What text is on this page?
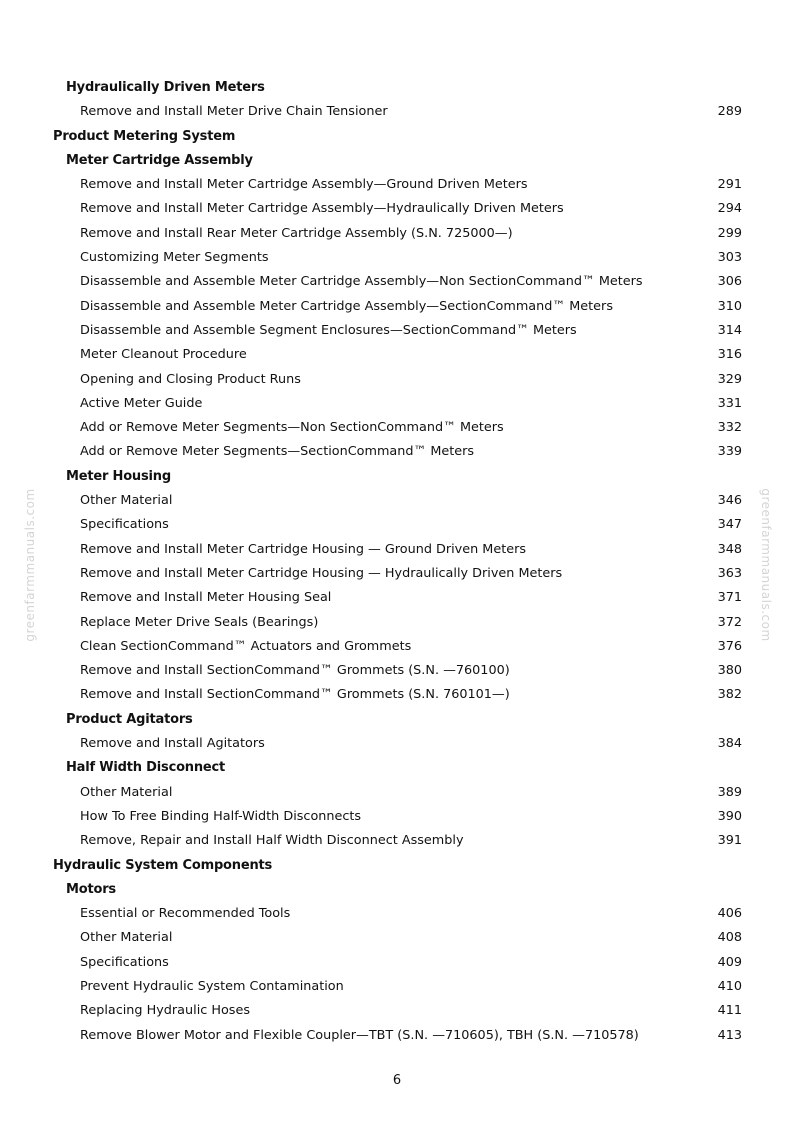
greenfarmmanuals.com	greenfarmmanuals.com
Hydraulically Driven Meters
Remove and Install Meter Drive Chain Tensioner	289
Product Metering System
Meter Cartridge Assembly
Remove and Install Meter Cartridge Assembly—Ground Driven Meters	291
Remove and Install Meter Cartridge Assembly—Hydraulically Driven Meters	294
Remove and Install Rear Meter Cartridge Assembly (S.N. 725000—)	299
Customizing Meter Segments	303
Disassemble and Assemble Meter Cartridge Assembly—Non SectionCommand™ Meters	306
Disassemble and Assemble Meter Cartridge Assembly—SectionCommand™ Meters	310
Disassemble and Assemble Segment Enclosures—SectionCommand™ Meters	314
Meter Cleanout Procedure	316
Opening and Closing Product Runs	329
Active Meter Guide	331
Add or Remove Meter Segments—Non SectionCommand™ Meters	332
Add or Remove Meter Segments—SectionCommand™ Meters	339
Meter Housing
Other Material	346
Specifications	347
Remove and Install Meter Cartridge Housing — Ground Driven Meters	348
Remove and Install Meter Cartridge Housing — Hydraulically Driven Meters	363
Remove and Install Meter Housing Seal	371
Replace Meter Drive Seals (Bearings)	372
Clean SectionCommand™ Actuators and Grommets	376
Remove and Install SectionCommand™ Grommets (S.N. —760100)	380
Remove and Install SectionCommand™ Grommets (S.N. 760101—)	382
Product Agitators
Remove and Install Agitators	384
Half Width Disconnect
Other Material	389
How To Free Binding Half-Width Disconnects	390
Remove, Repair and Install Half Width Disconnect Assembly	391
Hydraulic System Components
Motors
Essential or Recommended Tools	406
Other Material	408
Specifications	409
Prevent Hydraulic System Contamination	410
Replacing Hydraulic Hoses	411
Remove Blower Motor and Flexible Coupler—TBT (S.N. —710605), TBH (S.N. —710578)	413
6
